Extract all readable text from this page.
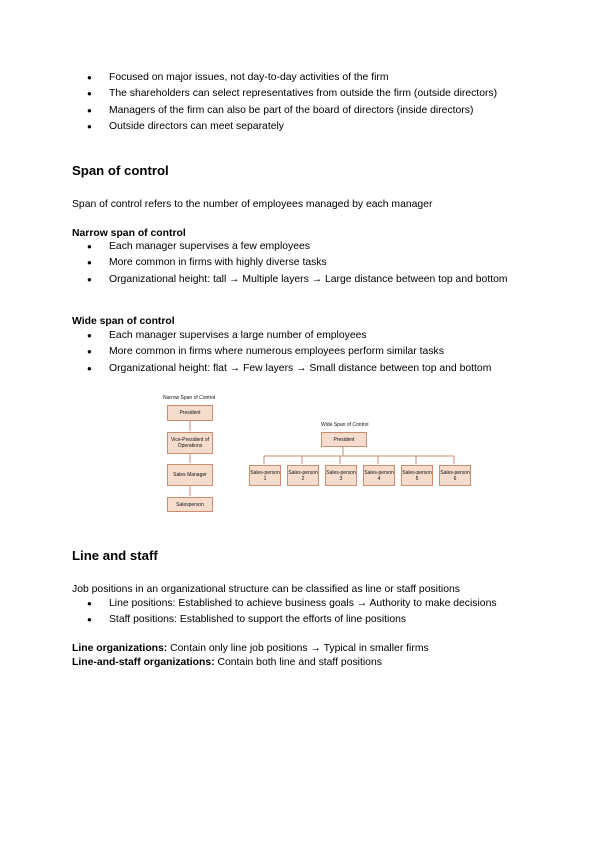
● Focused on major issues, not day-to-day activities of the firm
● The shareholders can select representatives from outside the firm (outside directors)
● Managers of the firm can also be part of the board of directors (inside directors)
● Outside directors can meet separately
Span of control
Span of control refers to the number of employees managed by each manager
Narrow span of control
● Each manager supervises a few employees
● More common in firms with highly diverse tasks
● Organizational height: tall → Multiple layers → Large distance between top and bottom
Wide span of control
● Each manager supervises a large number of employees
● More common in firms where numerous employees perform similar tasks
● Organizational height: flat → Few layers → Small distance between top and bottom
Narrow Span of Control
President
Vice-President of Operations
Sales Manager
Salesperson
Wide Span of Control
President
Sales-person 1
Sales-person 2
Sales-person 3
Sales-person 4
Sales-person 5
Sales-person 6
Line and staff
Job positions in an organizational structure can be classified as line or staff positions
● Line positions: Established to achieve business goals → Authority to make decisions
● Staff positions: Established to support the efforts of line positions
Line organizations: Contain only line job positions → Typical in smaller firms
Line-and-staff organizations: Contain both line and staff positions
